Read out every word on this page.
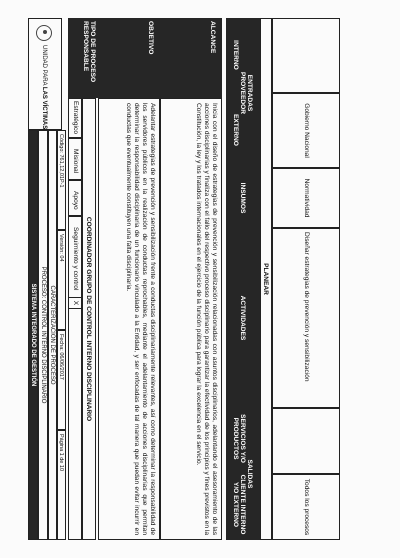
UNIDAD PARA LAS VÍCTIMAS
SISTEMA INTEGRADO DE GESTIÓN PROCESO: CONTROL INTERNO DISCIPLINARIO CARACTERIZACIÓN DE PROCESO
Código: 761,12,01P-1
Versión: 04
Fecha: 06/06/2017
Página 1 de 10
TIPO DE PROCESO
RESPONSABLE
Estratégico
Misional
Apoyo
Seguimiento y control
X COORDINADOR GRUPO DE CONTROL INTERNO DISCIPLINARIO
OBJETIVO
Adelantar estrategias de prevención y sensibilización frente a conductas disciplinariamente relevantes, así como determinar la responsabilidad de los servidores públicos en la realización de conductas reprochables, mediante el adelantamiento de acciones disciplinarias que permitan determinar la responsabilidad disciplinaria de un funcionario vinculado a la Entidad, y ser enfocadas de tal manera que puedan evitar incurrir en conductas que eventualmente constituyen una falta disciplinaria.
ALCANCE
Inicia con el diseño de estrategias de prevención y sensibilización relacionadas con asuntos disciplinarios, adelantando el asesoramiento de las acciones disciplinarias y finaliza con el fallo del respectivo proceso disciplinario para garantizar la efectividad de los principios y fines previstos en la Constitución, la ley y los tratados internacionales en el ejercicio de la función pública para lograr la excelencia en el servicio.
ENTRADAS
PROVEEDOR
INTERNO
EXTERNO
INSUMOS
ACTIVIDADES
SALIDAS
SERVICIOS Y/O PRODUCTOS
CLIENTE INTERNO Y/O EXTERNO
PLANEAR
Gobierno Nacional
Normatividad
Diseñar estrategias de prevención y sensibilización
Todos los procesos
